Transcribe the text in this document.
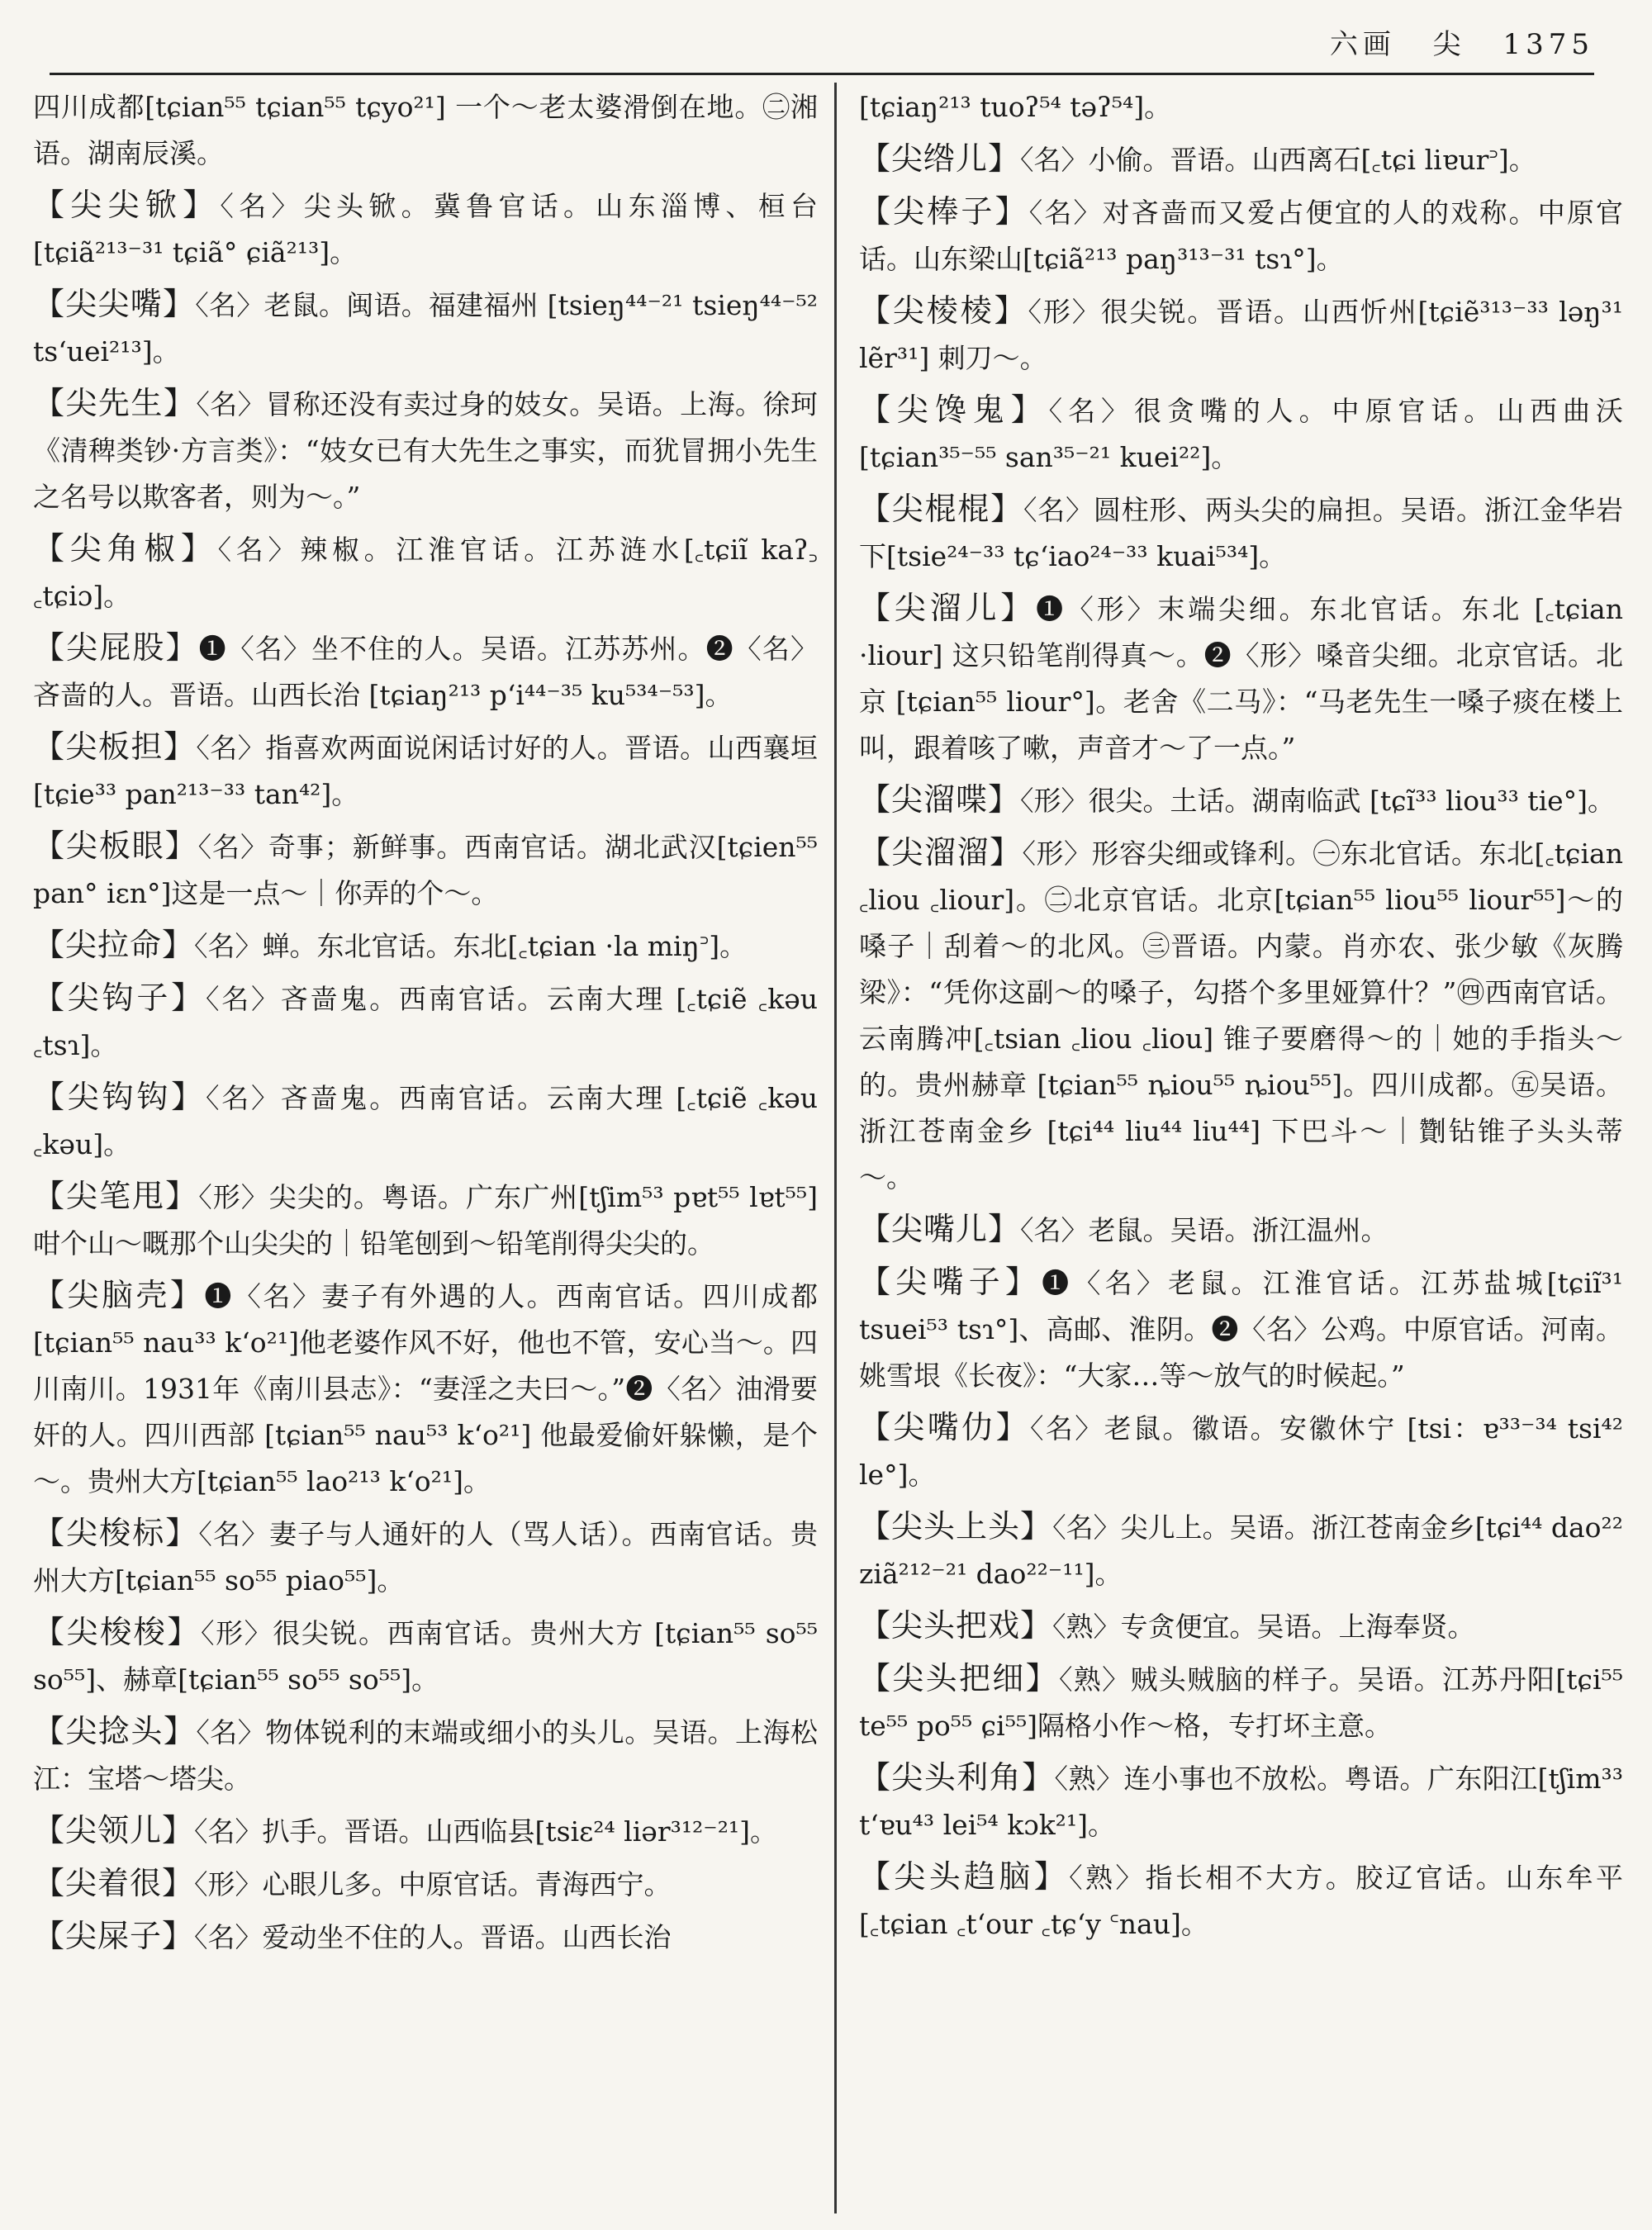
六画 尖 1375

四川成都[tɕian⁵⁵ tɕian⁵⁵ tɕyo²¹] 一个～老太婆滑倒在地。㊁湘语。湖南辰溪。

【尖尖锨】〈名〉尖头锨。冀鲁官话。山东淄博、桓台[tɕiã²¹³⁻³¹ tɕiã° ɕiã²¹³]。

【尖尖嘴】〈名〉老鼠。闽语。福建福州 [tsieŋ⁴⁴⁻²¹ tsieŋ⁴⁴⁻⁵² tsʻuei²¹³]。

【尖先生】〈名〉冒称还没有卖过身的妓女。吴语。上海。徐珂《清稗类钞·方言类》：“妓女已有大先生之事实，而犹冒拥小先生之名号以欺客者，则为～。”

【尖角椒】〈名〉辣椒。江淮官话。江苏涟水[꜀tɕiĩ kaʔ꜆ ꜀tɕiɔ]。

【尖屁股】❶〈名〉坐不住的人。吴语。江苏苏州。❷〈名〉吝啬的人。晋语。山西长治 [tɕiaŋ²¹³ pʻi⁴⁴⁻³⁵ ku⁵³⁴⁻⁵³]。

【尖板担】〈名〉指喜欢两面说闲话讨好的人。晋语。山西襄垣[tɕie³³ pan²¹³⁻³³ tan⁴²]。

【尖板眼】〈名〉奇事；新鲜事。西南官话。湖北武汉[tɕien⁵⁵ pan° iɛn°]这是一点～｜你弄的个～。

【尖拉命】〈名〉蝉。东北官话。东北[꜀tɕian ·la miŋ꜄]。

【尖钩子】〈名〉吝啬鬼。西南官话。云南大理 [꜀tɕiẽ ꜀kəu ꜀tsɿ]。

【尖钩钩】〈名〉吝啬鬼。西南官话。云南大理 [꜀tɕiẽ ꜀kəu ꜀kəu]。

【尖笔甩】〈形〉尖尖的。粤语。广东广州[tʃim⁵³ pɐt⁵⁵ lɐt⁵⁵] 咁个山～嘅那个山尖尖的｜铅笔刨到～铅笔削得尖尖的。

【尖脑壳】❶〈名〉妻子有外遇的人。西南官话。四川成都[tɕian⁵⁵ nau³³ kʻo²¹]他老婆作风不好，他也不管，安心当～。四川南川。1931年《南川县志》：“妻淫之夫曰～。”❷〈名〉油滑要奸的人。四川西部 [tɕian⁵⁵ nau⁵³ kʻo²¹] 他最爱偷奸躲懒，是个～。贵州大方[tɕian⁵⁵ lao²¹³ kʻo²¹]。

【尖梭标】〈名〉妻子与人通奸的人（骂人话）。西南官话。贵州大方[tɕian⁵⁵ so⁵⁵ piao⁵⁵]。

【尖梭梭】〈形〉很尖锐。西南官话。贵州大方 [tɕian⁵⁵ so⁵⁵ so⁵⁵]、赫章[tɕian⁵⁵ so⁵⁵ so⁵⁵]。

【尖捻头】〈名〉物体锐利的末端或细小的头儿。吴语。上海松江：宝塔～塔尖。

【尖领儿】〈名〉扒手。晋语。山西临县[tsiɛ²⁴ liər³¹²⁻²¹]。

【尖着很】〈形〉心眼儿多。中原官话。青海西宁。

【尖屎子】〈名〉爱动坐不住的人。晋语。山西长治

[tɕiaŋ²¹³ tuoʔ⁵⁴ təʔ⁵⁴]。

【尖绺儿】〈名〉小偷。晋语。山西离石[꜀tɕi liɐur꜄]。

【尖棒子】〈名〉对吝啬而又爱占便宜的人的戏称。中原官话。山东梁山[tɕiã²¹³ paŋ³¹³⁻³¹ tsɿ°]。

【尖棱棱】〈形〉很尖锐。晋语。山西忻州[tɕiẽ³¹³⁻³³ ləŋ³¹ lẽr³¹] 刺刀～。

【尖馋鬼】〈名〉很贪嘴的人。中原官话。山西曲沃[tɕian³⁵⁻⁵⁵ san³⁵⁻²¹ kuei²²]。

【尖棍棍】〈名〉圆柱形、两头尖的扁担。吴语。浙江金华岩下[tsie²⁴⁻³³ tɕʻiao²⁴⁻³³ kuai⁵³⁴]。

【尖溜儿】❶〈形〉末端尖细。东北官话。东北 [꜀tɕian ·liour] 这只铅笔削得真～。❷〈形〉嗓音尖细。北京官话。北京 [tɕian⁵⁵ liour°]。老舍《二马》：“马老先生一嗓子痰在楼上叫，跟着咳了嗽，声音才～了一点。”

【尖溜喋】〈形〉很尖。土话。湖南临武 [tɕĩ³³ liou³³ tie°]。

【尖溜溜】〈形〉形容尖细或锋利。㊀东北官话。东北[꜀tɕian ꜀liou ꜀liour]。㊁北京官话。北京[tɕian⁵⁵ liou⁵⁵ liour⁵⁵]～的嗓子｜刮着～的北风。㊂晋语。内蒙。肖亦农、张少敏《灰腾梁》：“凭你这副～的嗓子，勾搭个多里娅算什？”㊃西南官话。云南腾冲[꜀tsian ꜀liou ꜀liou] 锥子要磨得～的｜她的手指头～的。贵州赫章 [tɕian⁵⁵ ȵiou⁵⁵ ȵiou⁵⁵]。四川成都。㊄吴语。浙江苍南金乡 [tɕi⁴⁴ liu⁴⁴ liu⁴⁴] 下巴斗～｜劗钻锥子头头蒂～。

【尖嘴儿】〈名〉老鼠。吴语。浙江温州。

【尖嘴子】❶〈名〉老鼠。江淮官话。江苏盐城[tɕiĩ³¹ tsuei⁵³ tsɿ°]、高邮、淮阴。❷〈名〉公鸡。中原官话。河南。姚雪垠《长夜》：“大家…等～放气的时候起。”

【尖嘴仂】〈名〉老鼠。徽语。安徽休宁 [tsi：ɐ³³⁻³⁴ tsi⁴² le°]。

【尖头上头】〈名〉尖儿上。吴语。浙江苍南金乡[tɕi⁴⁴ dao²² ziã²¹²⁻²¹ dao²²⁻¹¹]。

【尖头把戏】〈熟〉专贪便宜。吴语。上海奉贤。

【尖头把细】〈熟〉贼头贼脑的样子。吴语。江苏丹阳[tɕi⁵⁵ te⁵⁵ po⁵⁵ ɕi⁵⁵]隔格小作～格，专打坏主意。

【尖头利角】〈熟〉连小事也不放松。粤语。广东阳江[tʃim³³ tʻɐu⁴³ lei⁵⁴ kɔk²¹]。

【尖头趋脑】〈熟〉指长相不大方。胶辽官话。山东牟平[꜀tɕian ꜀tʻour ꜀tɕʻy ꜂nau]。
